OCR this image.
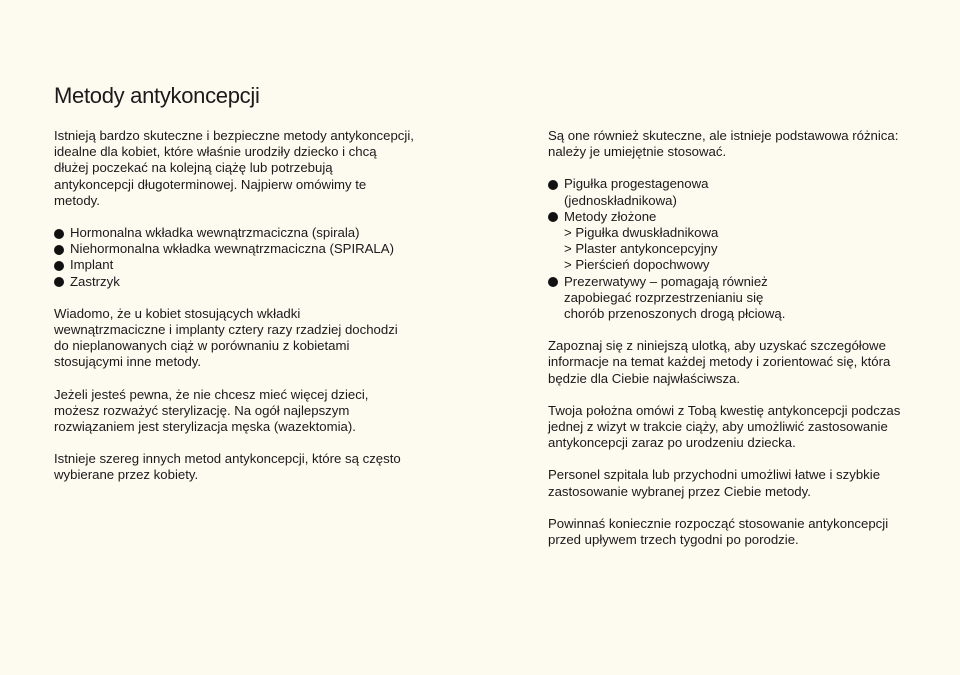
Metody antykoncepcji

Istnieją bardzo skuteczne i bezpieczne metody antykoncepcji, idealne dla kobiet, które właśnie urodziły dziecko i chcą dłużej poczekać na kolejną ciążę lub potrzebują antykoncepcji długoterminowej. Najpierw omówimy te metody.

Hormonalna wkładka wewnątrzmaciczna (spirala)
Niehormonalna wkładka wewnątrzmaciczna (SPIRALA)
Implant
Zastrzyk

Wiadomo, że u kobiet stosujących wkładki wewnątrzmaciczne i implanty cztery razy rzadziej dochodzi do nieplanowanych ciąż w porównaniu z kobietami stosującymi inne metody.

Jeżeli jesteś pewna, że nie chcesz mieć więcej dzieci, możesz rozważyć sterylizację. Na ogół najlepszym rozwiązaniem jest sterylizacja męska (wazektomia).

Istnieje szereg innych metod antykoncepcji, które są często wybierane przez kobiety.

Są one również skuteczne, ale istnieje podstawowa różnica: należy je umiejętnie stosować.

Pigułka progestagenowa
(jednoskładnikowa)
Metody złożone
> Pigułka dwuskładnikowa
> Plaster antykoncepcyjny
> Pierścień dopochwowy
Prezerwatywy – pomagają również
zapobiegać rozprzestrzenianiu się
chorób przenoszonych drogą płciową.

Zapoznaj się z niniejszą ulotką, aby uzyskać szczegółowe informacje na temat każdej metody i zorientować się, która będzie dla Ciebie najwłaściwsza.

Twoja położna omówi z Tobą kwestię antykoncepcji podczas jednej z wizyt w trakcie ciąży, aby umożliwić zastosowanie antykoncepcji zaraz po urodzeniu dziecka.

Personel szpitala lub przychodni umożliwi łatwe i szybkie zastosowanie wybranej przez Ciebie metody.

Powinnaś koniecznie rozpocząć stosowanie antykoncepcji przed upływem trzech tygodni po porodzie.
